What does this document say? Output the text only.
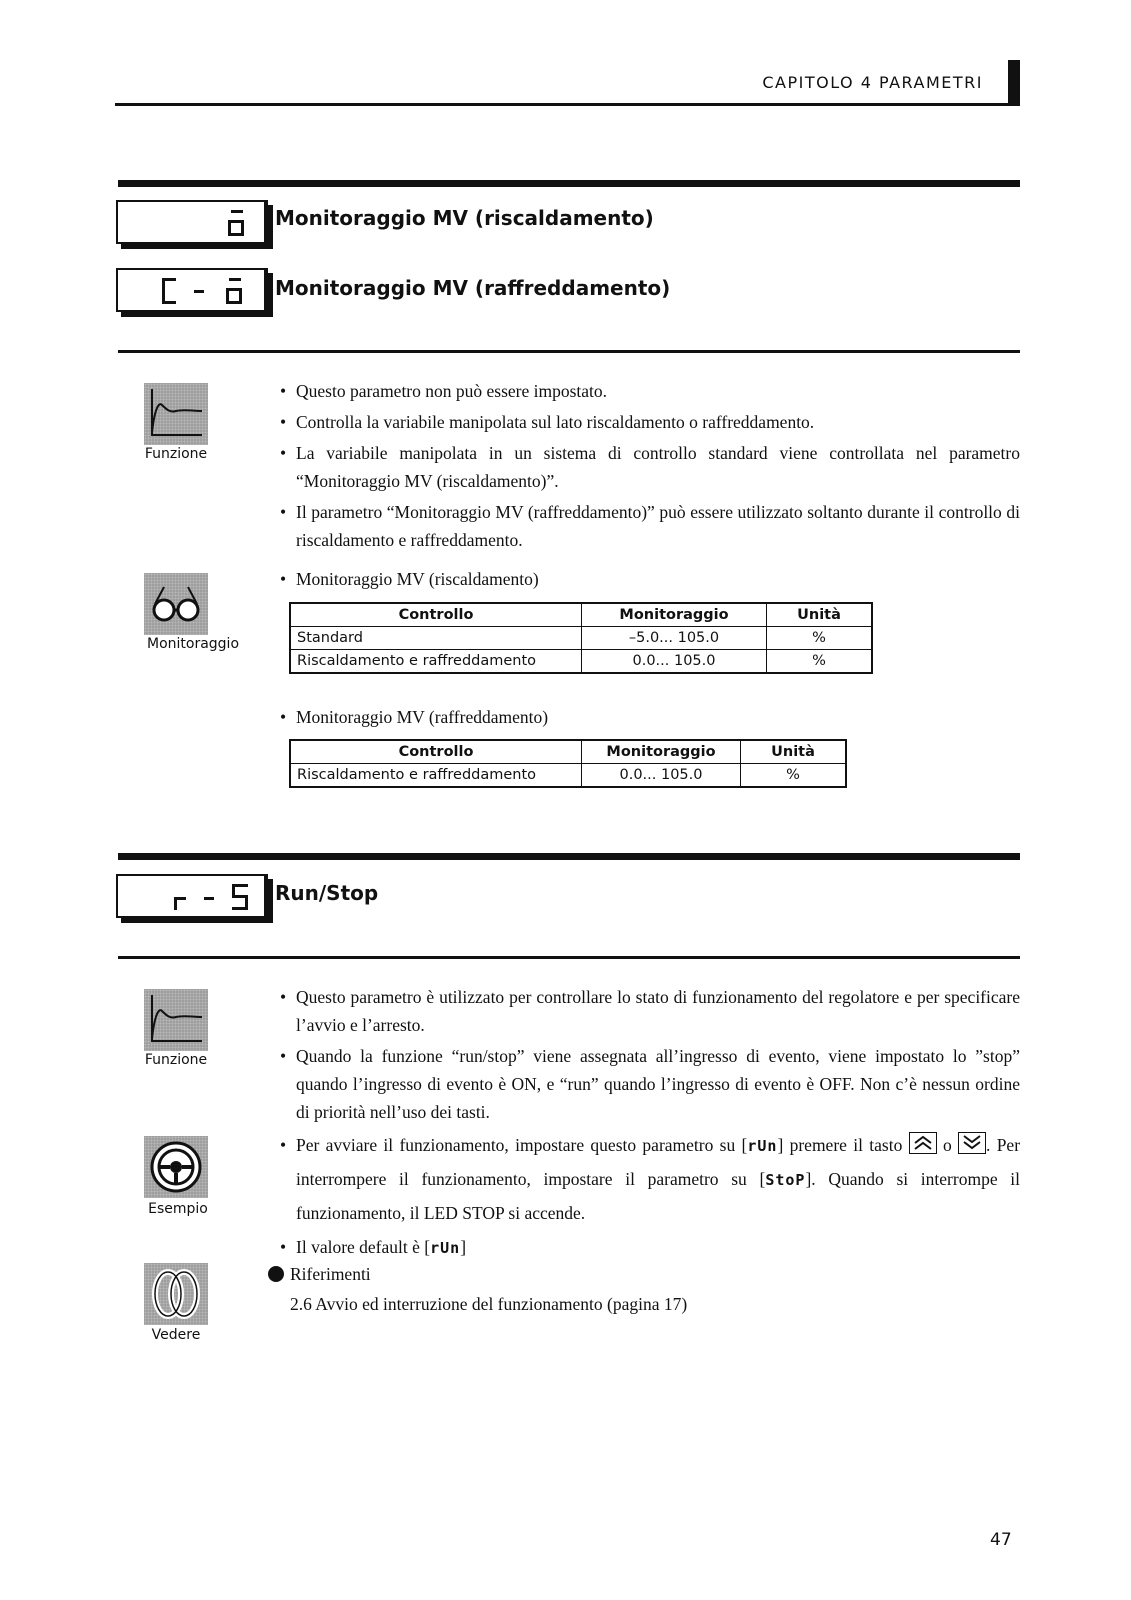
CAPITOLO 4 PARAMETRI
Monitoraggio MV (riscaldamento)
Monitoraggio MV (raffreddamento)
Funzione
Monitoraggio
• Questo parametro non può essere impostato.
• Controlla la variabile manipolata sul lato riscaldamento o raffreddamento.
• La variabile manipolata in un sistema di controllo standard viene controllata nel parametro “Monitoraggio MV (riscaldamento)”.
• Il parametro “Monitoraggio MV (raffreddamento)” può essere utilizzato soltanto durante il controllo di riscaldamento e raffreddamento.
• Monitoraggio MV (riscaldamento)
Controllo	Monitoraggio	Unità
Standard	–5.0... 105.0	%
Riscaldamento e raffreddamento	0.0... 105.0	%
• Monitoraggio MV (raffreddamento)
Controllo	Monitoraggio	Unità
Riscaldamento e raffreddamento	0.0... 105.0	%
Run/Stop
Funzione
Esempio
Vedere
• Questo parametro è utilizzato per controllare lo stato di funzionamento del regolatore e per specificare l’avvio e l’arresto.
• Quando la funzione “run/stop” viene assegnata all’ingresso di evento, viene impostato lo ”stop” quando l’ingresso di evento è ON, e “run” quando l’ingresso di evento è OFF. Non c’è nessun ordine di priorità nell’uso dei tasti.
• Per avviare il funzionamento, impostare questo parametro su [rUn] premere il tasto o . Per interrompere il funzionamento, impostare il parametro su [StoP]. Quando si interrompe il funzionamento, il LED STOP si accende.
• Il valore default è [rUn]
Riferimenti
2.6 Avvio ed interruzione del funzionamento (pagina 17)
47
